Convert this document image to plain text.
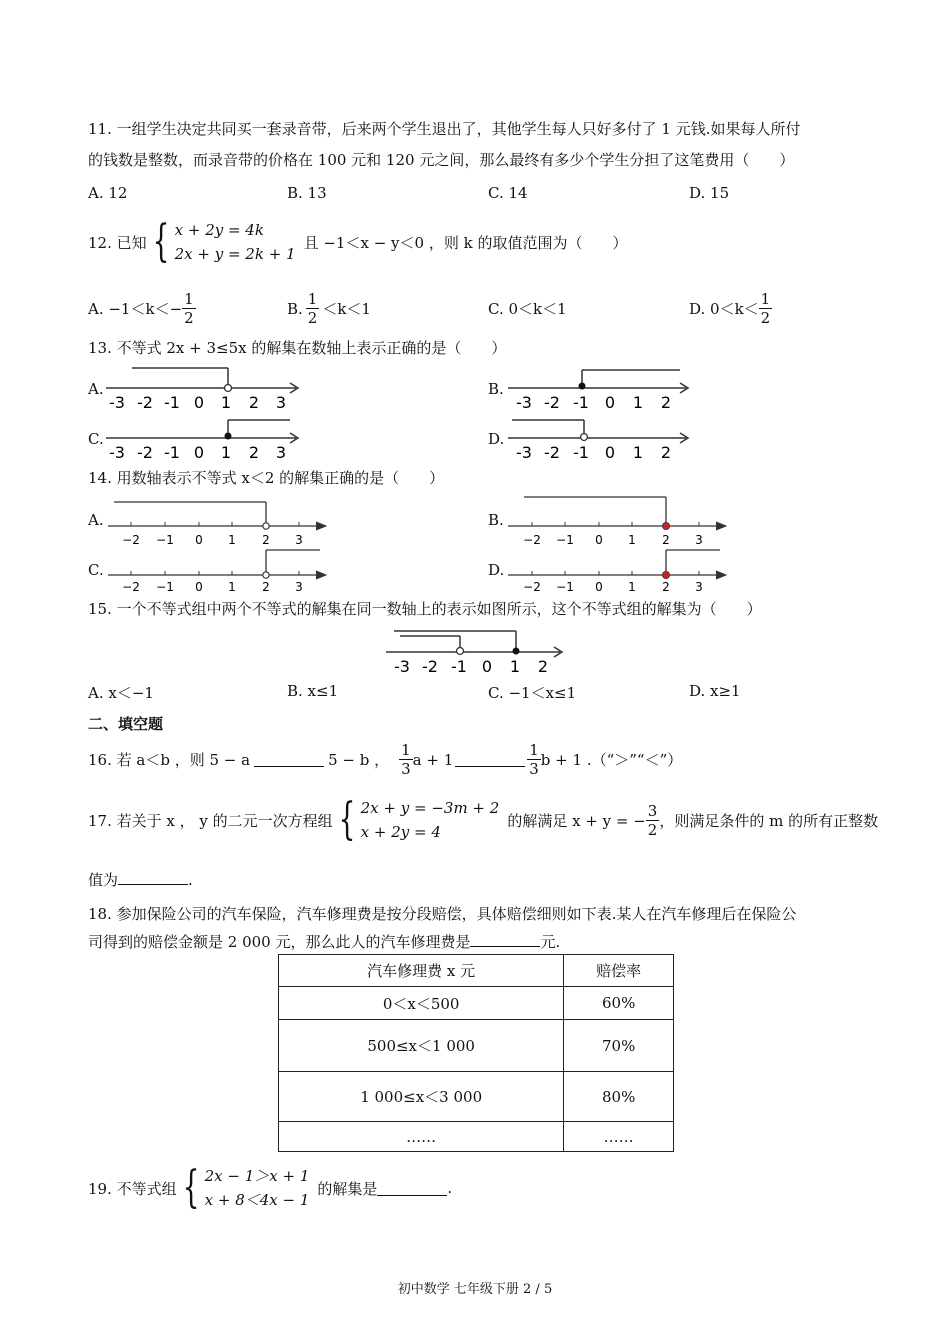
11. 一组学生决定共同买一套录音带，后来两个学生退出了，其他学生每人只好多付了 1 元钱.如果每人所付
的钱数是整数，而录音带的价格在 100 元和 120 元之间，那么最终有多少个学生分担了这笔费用（　　）
A. 12	B. 13	C. 14	D. 15
12. 已知 { x + 2y = 4k
2x + y = 2k + 1
且 −1＜x − y＜0 ，则 k 的取值范围为（　　）
A. $-1<k<- \frac{1}{2}$	B. $\frac{1}{2} <k<1$	C. 0＜k＜1	D. $0<k< \frac{1}{2}$
13. 不等式 2x + 3≤5x 的解集在数轴上表示正确的是（　　）
A.
-3 -2 -1 0 1 2 3
B.
-3 -2 -1 0 1 2
C.
-3 -2 -1 0 1 2 3
D.
-3 -2 -1 0 1 2
14. 用数轴表示不等式 x＜2 的解集正确的是（　　）
A.
−2 −1 0 1 2 3
B.
−2 −1 0 1 2 3
C.
−2 −1 0 1 2 3
D.
−2 −1 0 1 2 3
15. 一个不等式组中两个不等式的解集在同一数轴上的表示如图所示，这个不等式组的解集为（　　）
-3 -2 -1 0 1 2
A. x＜−1	B. x≤1	C. −1＜x≤1	D. x≥1
二、填空题
16. 若 a＜b ，则 5 − a	5 − b ， $\frac{1}{3}$ a + 1	$\frac{1}{3}$ b + 1 .（“＞”“＜”）
17. 若关于 x ， y 的二元一次方程组 { 2x + y = −3m + 2
x + 2y = 4
的解满足 x + y = − $\frac{3}{2}$ ，则满足条件的 m 的所有正整数
值为	.
18. 参加保险公司的汽车保险，汽车修理费是按分段赔偿，具体赔偿细则如下表.某人在汽车修理后在保险公
司得到的赔偿金额是 2 000 元，那么此人的汽车修理费是	元.
汽车修理费 x 元	赔偿率
0＜x＜500	60%
500≤x＜1 000	70%
1 000≤x＜3 000	80%
……	……
19. 不等式组 { 2x − 1＞x + 1
x + 8＜4x − 1
的解集是	.
初中数学 七年级下册 2 / 5
